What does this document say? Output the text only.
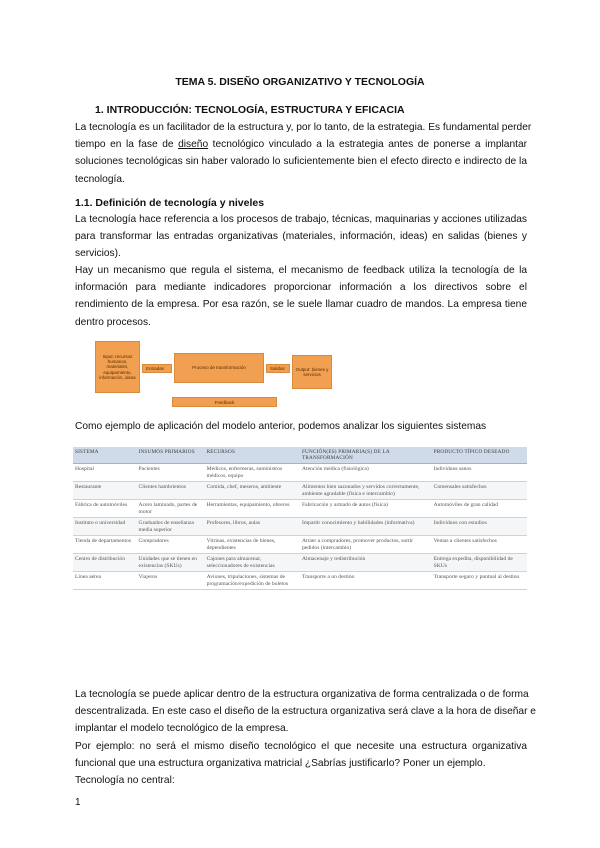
TEMA 5. DISEÑO ORGANIZATIVO Y TECNOLOGÍA
1. INTRODUCCIÓN: TECNOLOGÍA, ESTRUCTURA Y EFICACIA
La tecnología es un facilitador de la estructura y, por lo tanto, de la estrategia. Es fundamental perder
tiempo en la fase de diseño tecnológico vinculado a la estrategia antes de ponerse a implantar
soluciones tecnológicas sin haber valorado lo suficientemente bien el efecto directo e indirecto de la
tecnología.
1.1. Definición de tecnología y niveles
La tecnología hace referencia a los procesos de trabajo, técnicas, maquinarias y acciones utilizadas
para transformar las entradas organizativas (materiales, información, ideas) en salidas (bienes y
servicios).
Hay un mecanismo que regula el sistema, el mecanismo de feedback utiliza la tecnología de la
información para mediante indicadores proporcionar información a los directivos sobre el
rendimiento de la empresa. Por esa razón, se le suele llamar cuadro de mandos. La empresa tiene
dentro procesos.
Input: recursos humanos, materiales, equipamiento, información, ideas
Entradas	Proceso de transformación	Salidas	Output: bienes y servicios
Feedback
Como ejemplo de aplicación del modelo anterior, podemos analizar los siguientes sistemas
SISTEMA	INSUMOS PRIMARIOS	RECURSOS	FUNCIÓN(ES) PRIMARIA(S) DE LA TRANSFORMACIÓN	PRODUCTO TÍPICO DESEADO
Hospital	Pacientes	Médicos, enfermeras, suministros médicos, equipo	Atención médica (fisiológica)	Individuos sanos
Restaurante	Clientes hambrientos	Comida, chef, meseros, ambiente	Alimentos bien sazonados y servidos correctamente, ambiente agradable (física e intercambio)	Comensales satisfechos
Fábrica de automóviles	Acero laminado, partes de motor	Herramientas, equipamiento, obreros	Fabricación y armado de autos (física)	Automóviles de gran calidad
Instituto o universidad	Graduados de enseñanza media superior	Profesores, libros, aulas	Impartir conocimiento y habilidades (informativa)	Individuos con estudios
Tienda de departamentos	Compradores	Vitrinas, existencias de bienes, dependientes	Atraer a compradores, promover productos, surtir pedidos (intercambio)	Ventas a clientes satisfechos
Centro de distribución	Unidades que se tienen en existencias (SKUs)	Cajones para almacenar, seleccionadores de existencias	Almacenaje y redistribución	Entrega expedita, disponibilidad de SKUs
Línea aérea	Viajeros	Aviones, tripulaciones, sistemas de programación/expedición de boletos	Transporte a un destino	Transporte seguro y puntual al destino
La tecnología se puede aplicar dentro de la estructura organizativa de forma centralizada o de forma
descentralizada. En este caso el diseño de la estructura organizativa será clave a la hora de diseñar e
implantar el modelo tecnológico de la empresa.
Por ejemplo: no será el mismo diseño tecnológico el que necesite una estructura organizativa
funcional que una estructura organizativa matricial ¿Sabrías justificarlo? Poner un ejemplo.
Tecnología no central:
1
